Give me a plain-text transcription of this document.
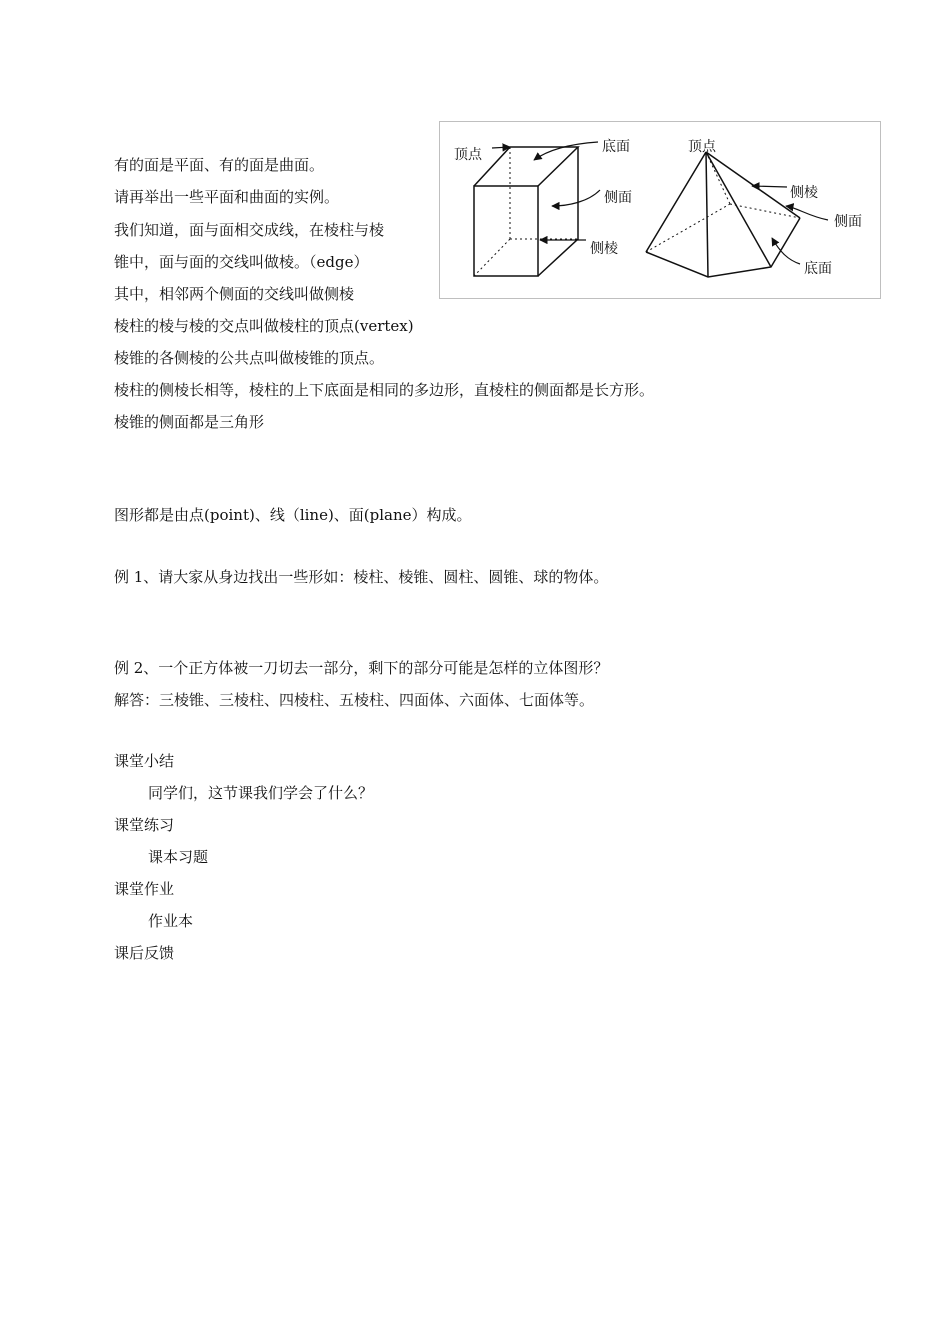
顶点	底面
侧面
侧棱
顶点
侧棱
侧面
底面
有的面是平面、有的面是曲面。
请再举出一些平面和曲面的实例。
我们知道，面与面相交成线，在棱柱与棱
锥中，面与面的交线叫做棱。（edge）
其中，相邻两个侧面的交线叫做侧棱
棱柱的棱与棱的交点叫做棱柱的顶点(vertex)
棱锥的各侧棱的公共点叫做棱锥的顶点。
棱柱的侧棱长相等，棱柱的上下底面是相同的多边形，直棱柱的侧面都是长方形。
棱锥的侧面都是三角形
图形都是由点(point)、线（line)、面(plane）构成。
例 1、请大家从身边找出一些形如：棱柱、棱锥、圆柱、圆锥、球的物体。
例 2、一个正方体被一刀切去一部分，剩下的部分可能是怎样的立体图形？
解答：三棱锥、三棱柱、四棱柱、五棱柱、四面体、六面体、七面体等。
课堂小结
同学们，这节课我们学会了什么？
课堂练习
课本习题
课堂作业
作业本
课后反馈
